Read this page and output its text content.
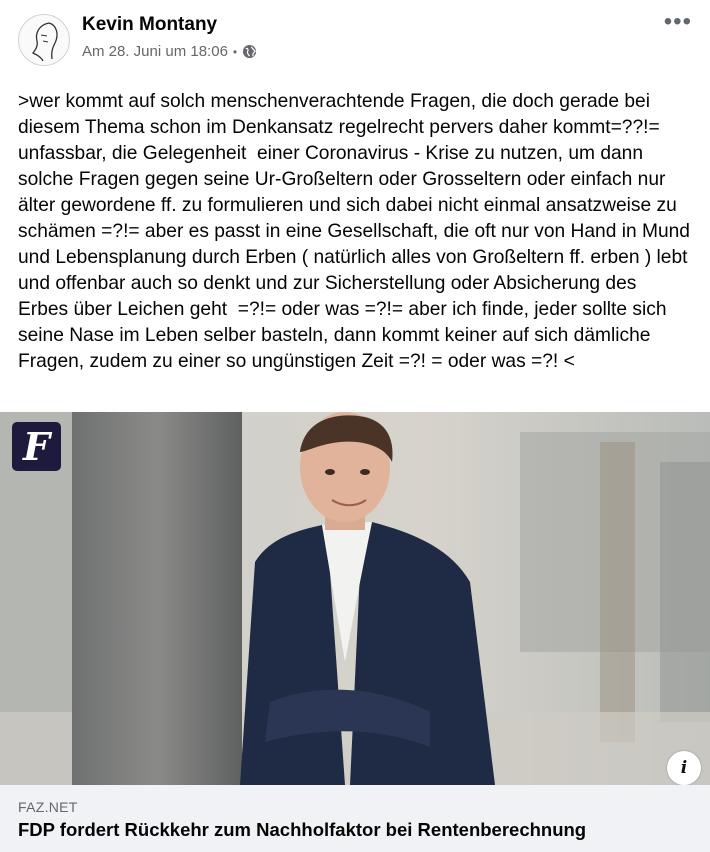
Kevin Montany
Am 28. Juni um 18:06 •
•••
>wer kommt auf solch menschenverachtende Fragen, die doch gerade bei diesem Thema schon im Denkansatz regelrecht pervers daher kommt=??!= unfassbar, die Gelegenheit  einer Coronavirus - Krise zu nutzen, um dann solche Fragen gegen seine Ur-Großeltern oder Grosseltern oder einfach nur älter gewordene ff. zu formulieren und sich dabei nicht einmal ansatzweise zu schämen =?!= aber es passt in eine Gesellschaft, die oft nur von Hand in Mund und Lebensplanung durch Erben ( natürlich alles von Großeltern ff. erben ) lebt und offenbar auch so denkt und zur Sicherstellung oder Absicherung des Erbes über Leichen geht  =?!= oder was =?!= aber ich finde, jeder sollte sich seine Nase im Leben selber basteln, dann kommt keiner auf sich dämliche Fragen, zudem zu einer so ungünstigen Zeit =?! = oder was =?! <
F
i
FAZ.NET
FDP fordert Rückkehr zum Nachholfaktor bei Rentenberechnung
